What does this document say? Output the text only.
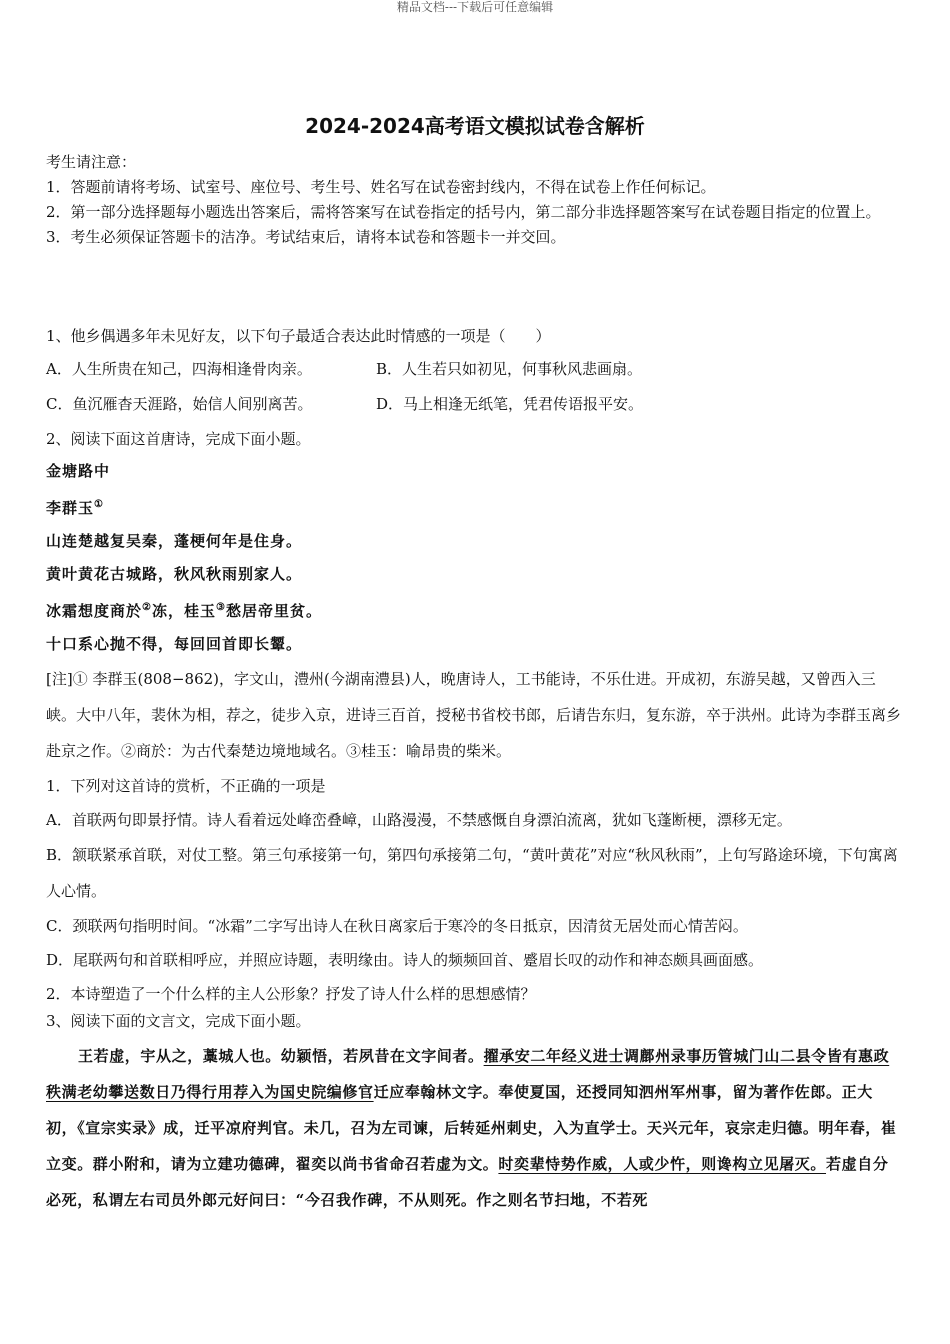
精品文档---下载后可任意编辑
2024-2024高考语文模拟试卷含解析
考生请注意：
1．答题前请将考场、试室号、座位号、考生号、姓名写在试卷密封线内，不得在试卷上作任何标记。
2．第一部分选择题每小题选出答案后，需将答案写在试卷指定的括号内，第二部分非选择题答案写在试卷题目指定的位置上。
3．考生必须保证答题卡的洁净。考试结束后，请将本试卷和答题卡一并交回。
1、他乡偶遇多年未见好友，以下句子最适合表达此时情感的一项是（　　）
A．人生所贵在知己，四海相逢骨肉亲。	B．人生若只如初见，何事秋风悲画扇。
C．鱼沉雁杳天涯路，始信人间别离苦。	D．马上相逢无纸笔，凭君传语报平安。
2、阅读下面这首唐诗，完成下面小题。
金塘路中
李群玉①
山连楚越复吴秦，蓬梗何年是住身。
黄叶黄花古城路，秋风秋雨别家人。
冰霜想度商於②冻，桂玉③愁居帝里贫。
十口系心抛不得，每回回首即长颦。
[注]① 李群玉(808−862)，字文山，澧州(今湖南澧县)人，晚唐诗人，工书能诗，不乐仕进。开成初，东游吴越，又曾西入三峡。大中八年，裴休为相，荐之，徒步入京，进诗三百首，授秘书省校书郎，后请告东归，复东游，卒于洪州。此诗为李群玉离乡赴京之作。②商於：为古代秦楚边境地域名。③桂玉：喻昂贵的柴米。
1．下列对这首诗的赏析，不正确的一项是
A．首联两句即景抒情。诗人看着远处峰峦叠嶂，山路漫漫，不禁感慨自身漂泊流离，犹如飞蓬断梗，漂移无定。
B．颔联紧承首联，对仗工整。第三句承接第一句，第四句承接第二句，“黄叶黄花”对应“秋风秋雨”，上句写路途环境，下句寓离人心情。
C．颈联两句指明时间。“冰霜”二字写出诗人在秋日离家后于寒冷的冬日抵京，因清贫无居处而心情苦闷。
D．尾联两句和首联相呼应，并照应诗题，表明缘由。诗人的频频回首、蹙眉长叹的动作和神态颇具画面感。
2．本诗塑造了一个什么样的主人公形象？抒发了诗人什么样的思想感情？
3、阅读下面的文言文，完成下面小题。
王若虚，宇从之，藁城人也。幼颖悟，若夙昔在文字间者。擢承安二年经义进士调鄜州录事历管城门山二县令皆有惠政秩满老幼攀送数日乃得行用荐入为国史院编修官迁应奉翰林文字。奉使夏国，还授同知泗州军州事，留为著作佐郎。正大初，《宣宗实录》成，迁平凉府判官。未几，召为左司谏，后转延州刺史，入为直学士。天兴元年，哀宗走归德。明年春，崔立变。群小附和，请为立建功德碑，翟奕以尚书省命召若虚为文。时奕辈恃势作威，人或少忤，则谗构立见屠灭。若虚自分必死，私谓左右司员外郎元好问曰：“今召我作碑，不从则死。作之则名节扫地，不若死
